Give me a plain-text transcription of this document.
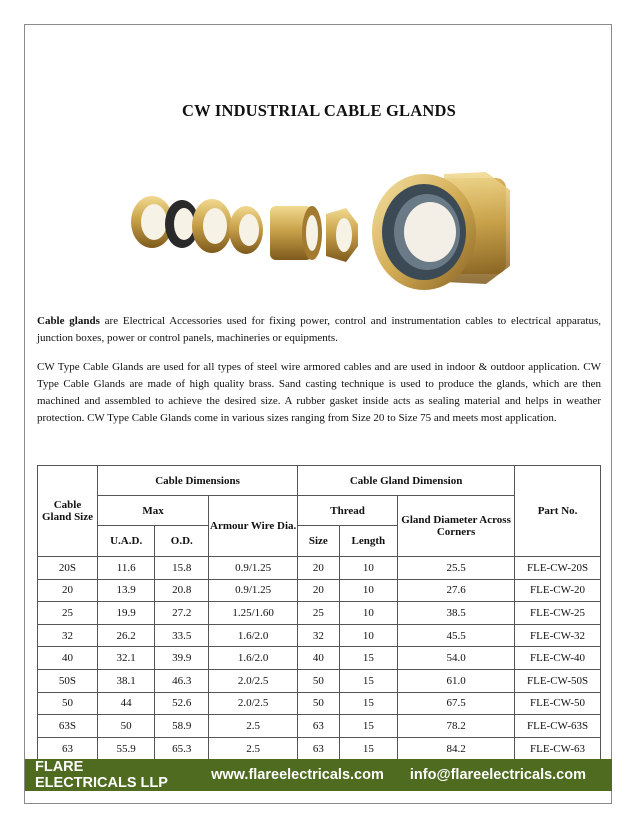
CW INDUSTRIAL CABLE GLANDS
Cable glands are Electrical Accessories used for fixing power, control and instrumentation cables to electrical apparatus, junction boxes, power or control panels, machineries or equipments.
CW Type Cable Glands are used for all types of steel wire armored cables and are used in indoor & outdoor application. CW Type Cable Glands are made of high quality brass. Sand casting technique is used to produce the glands, which are then machined and assembled to achieve the desired size. A rubber gasket inside acts as sealing material and helps in weather protection. CW Type Cable Glands come in various sizes ranging from Size 20 to Size 75 and meets most application.
Cable Gland Size	Cable Dimensions			Cable Gland Dimension			Part No.
	Max		Armour Wire Dia.	Thread		Gland Diameter Across Corners	
	U.A.D.	O.D.		Size	Length		
20S	11.6	15.8	0.9/1.25	20	10	25.5	FLE-CW-20S
20	13.9	20.8	0.9/1.25	20	10	27.6	FLE-CW-20
25	19.9	27.2	1.25/1.60	25	10	38.5	FLE-CW-25
32	26.2	33.5	1.6/2.0	32	10	45.5	FLE-CW-32
40	32.1	39.9	1.6/2.0	40	15	54.0	FLE-CW-40
50S	38.1	46.3	2.0/2.5	50	15	61.0	FLE-CW-50S
50	44	52.6	2.0/2.5	50	15	67.5	FLE-CW-50
63S	50	58.9	2.5	63	15	78.2	FLE-CW-63S
63	55.9	65.3	2.5	63	15	84.2	FLE-CW-63
FLARE ELECTRICALS LLP	www.flareelectricals.com info@flareelectricals.com
